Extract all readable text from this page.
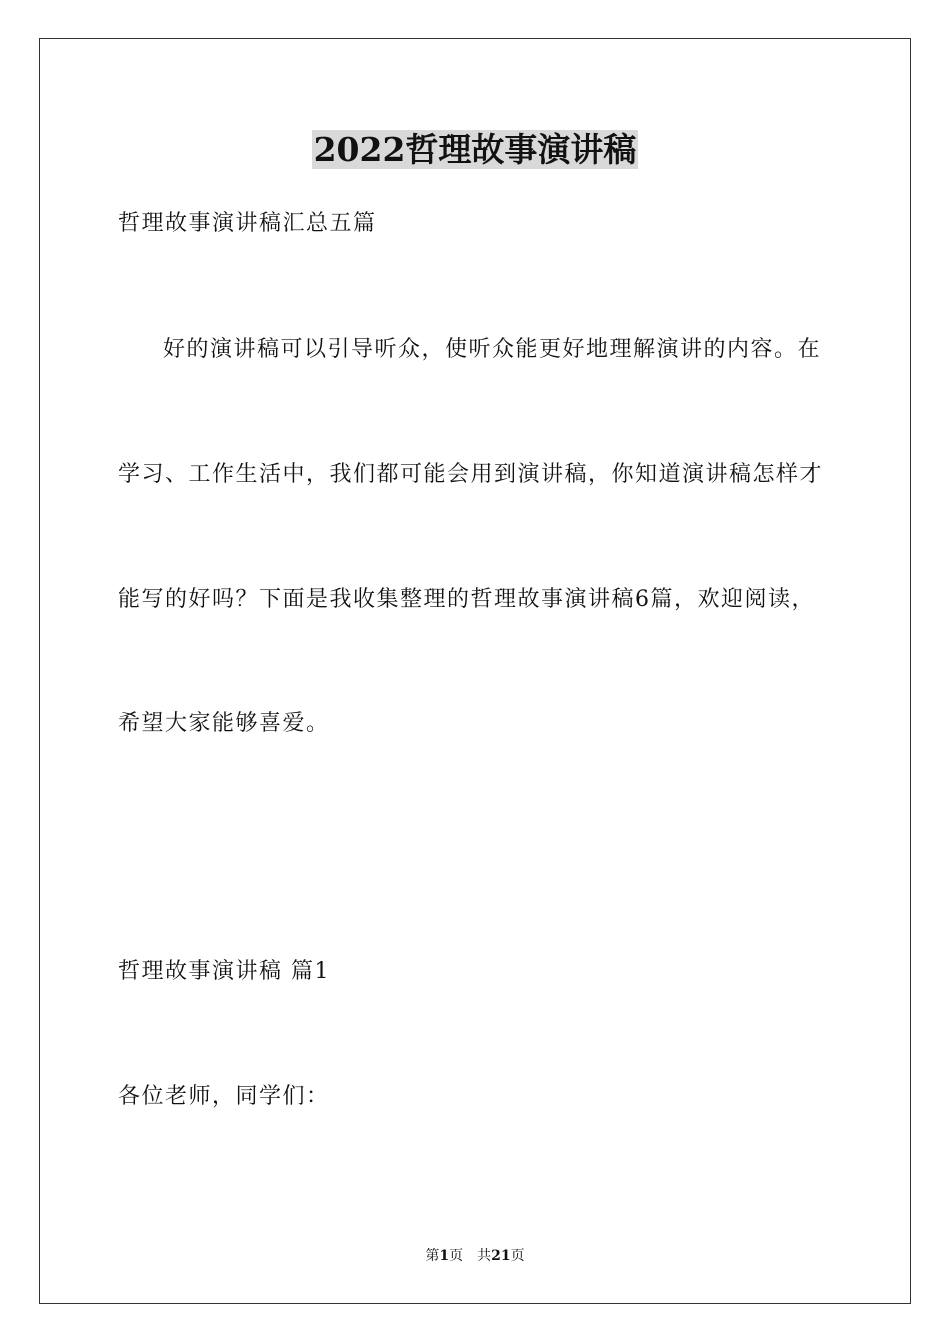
2022哲理故事演讲稿
哲理故事演讲稿汇总五篇
好的演讲稿可以引导听众，使听众能更好地理解演讲的内容。在
学习、工作生活中，我们都可能会用到演讲稿，你知道演讲稿怎样才
能写的好吗？下面是我收集整理的哲理故事演讲稿6篇，欢迎阅读，
希望大家能够喜爱。
哲理故事演讲稿 篇1
各位老师，同学们：
第1页　共21页
